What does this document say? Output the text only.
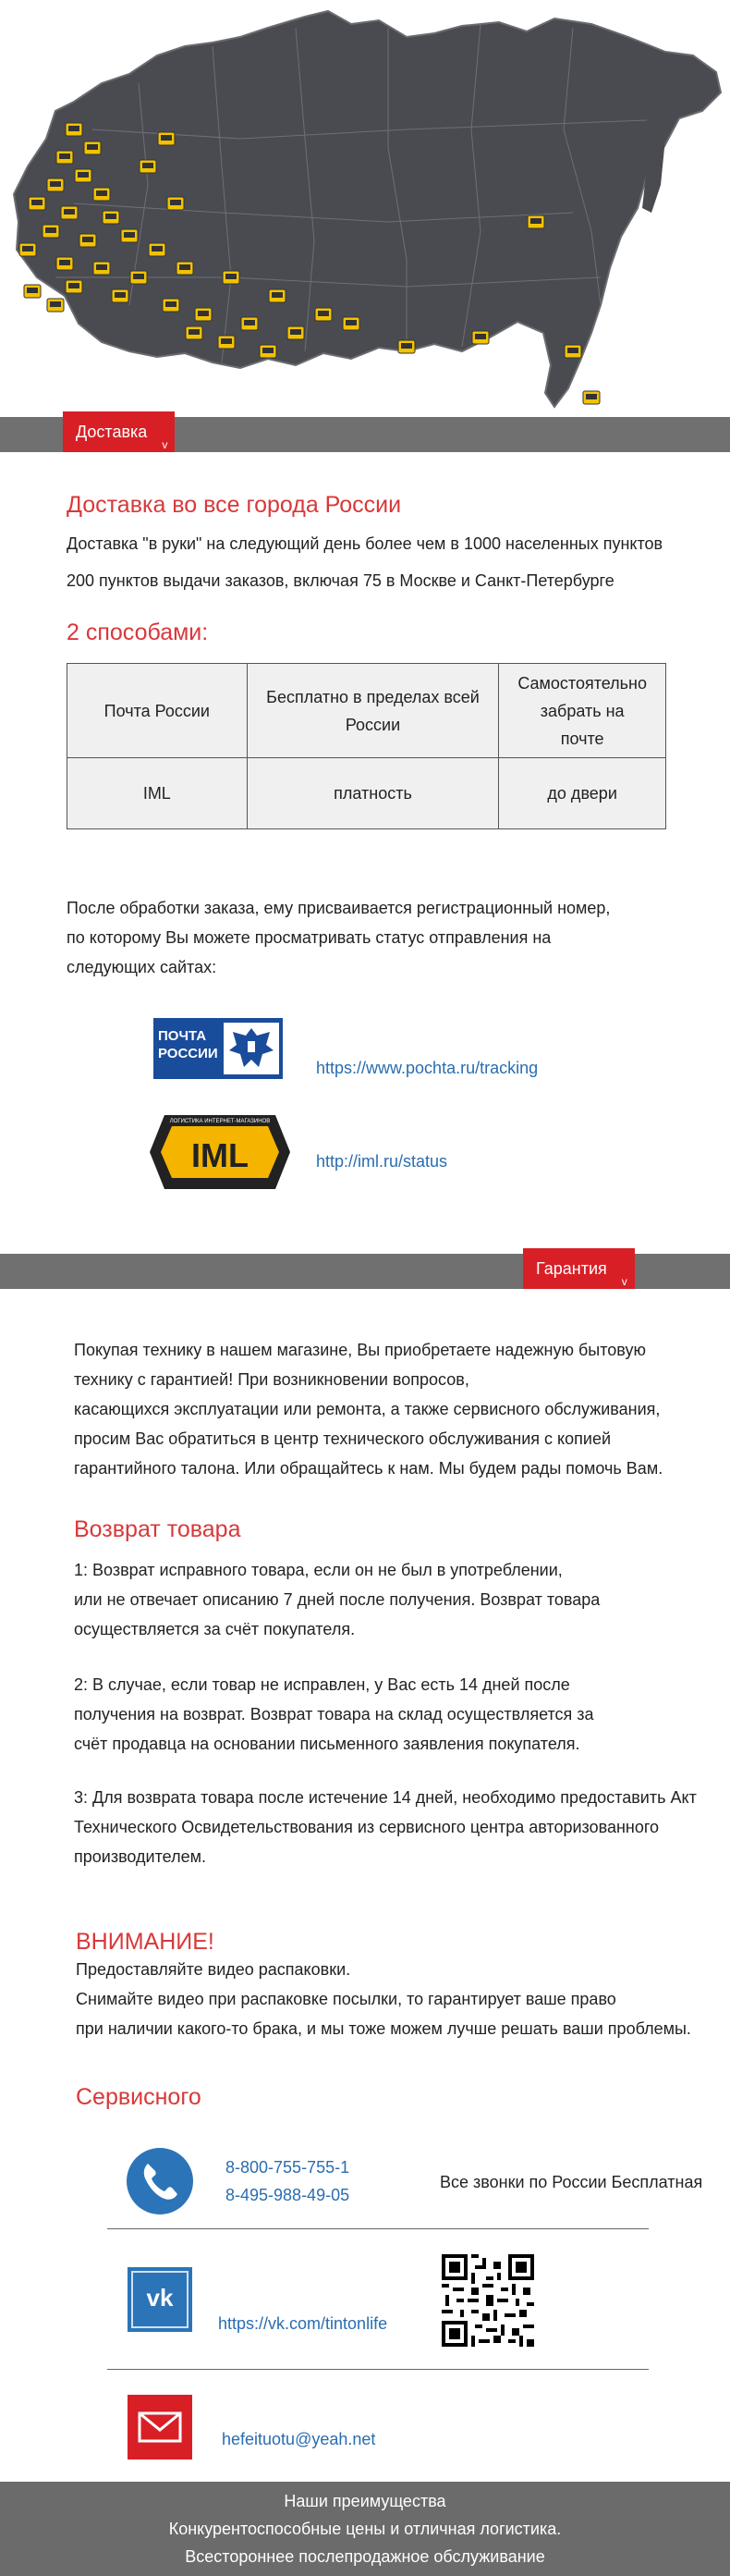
Доставка
v
Доставка во все города России
Доставка "в руки" на следующий день более чем в 1000 населенных пунктов
200 пунктов выдачи заказов, включая 75 в Москве и Санкт-Петербурге
2 способами:
Почта России	Бесплатно в пределах всей России	Самостоятельно забрать на почте
IML	платность	до двери
После обработки заказа, ему присваивается регистрационный номер,
по которому Вы можете просматривать статус отправления на
следующих сайтах:
ПОЧТА
РОССИИ
https://www.pochta.ru/tracking
IML
ЛОГИСТИКА ИНТЕРНЕТ-МАГАЗИНОВ
http://iml.ru/status
Гарантия
v
Покупая технику в нашем магазине, Вы приобретаете надежную бытовую
технику с гарантией! При возникновении вопросов,
касающихся эксплуатации или ремонта, а также сервисного обслуживания,
просим Вас обратиться в центр технического обслуживания с копией
гарантийного талона. Или обращайтесь к нам. Мы будем рады помочь Вам.
Возврат товара
1: Возврат исправного товара, если он не был в употреблении,
или не отвечает описанию 7 дней после получения. Возврат товара
осуществляется за счёт покупателя.
2: В случае, если товар не исправлен, у Вас есть 14 дней после
получения на возврат. Возврат товара на склад осуществляется за
счёт продавца на основании письменного заявления покупателя.
3: Для возврата товара после истечение 14 дней, необходимо предоставить Акт
Технического Освидетельствования из сервисного центра авторизованного
производителем.
ВНИМАНИЕ!
Предоставляйте видео распаковки.
Снимайте видео при распаковке посылки, то гарантирует ваше право
при наличии какого-то брака, и мы тоже можем лучше решать ваши проблемы.
Сервисного
8-800-755-755-1
8-495-988-49-05
Все звонки по России Бесплатная
vk
https://vk.com/tintonlife
hefeituotu@yeah.net
Наши преимущества
Конкурентоспособные цены и отличная логистика.
Всестороннее послепродажное обслуживание
